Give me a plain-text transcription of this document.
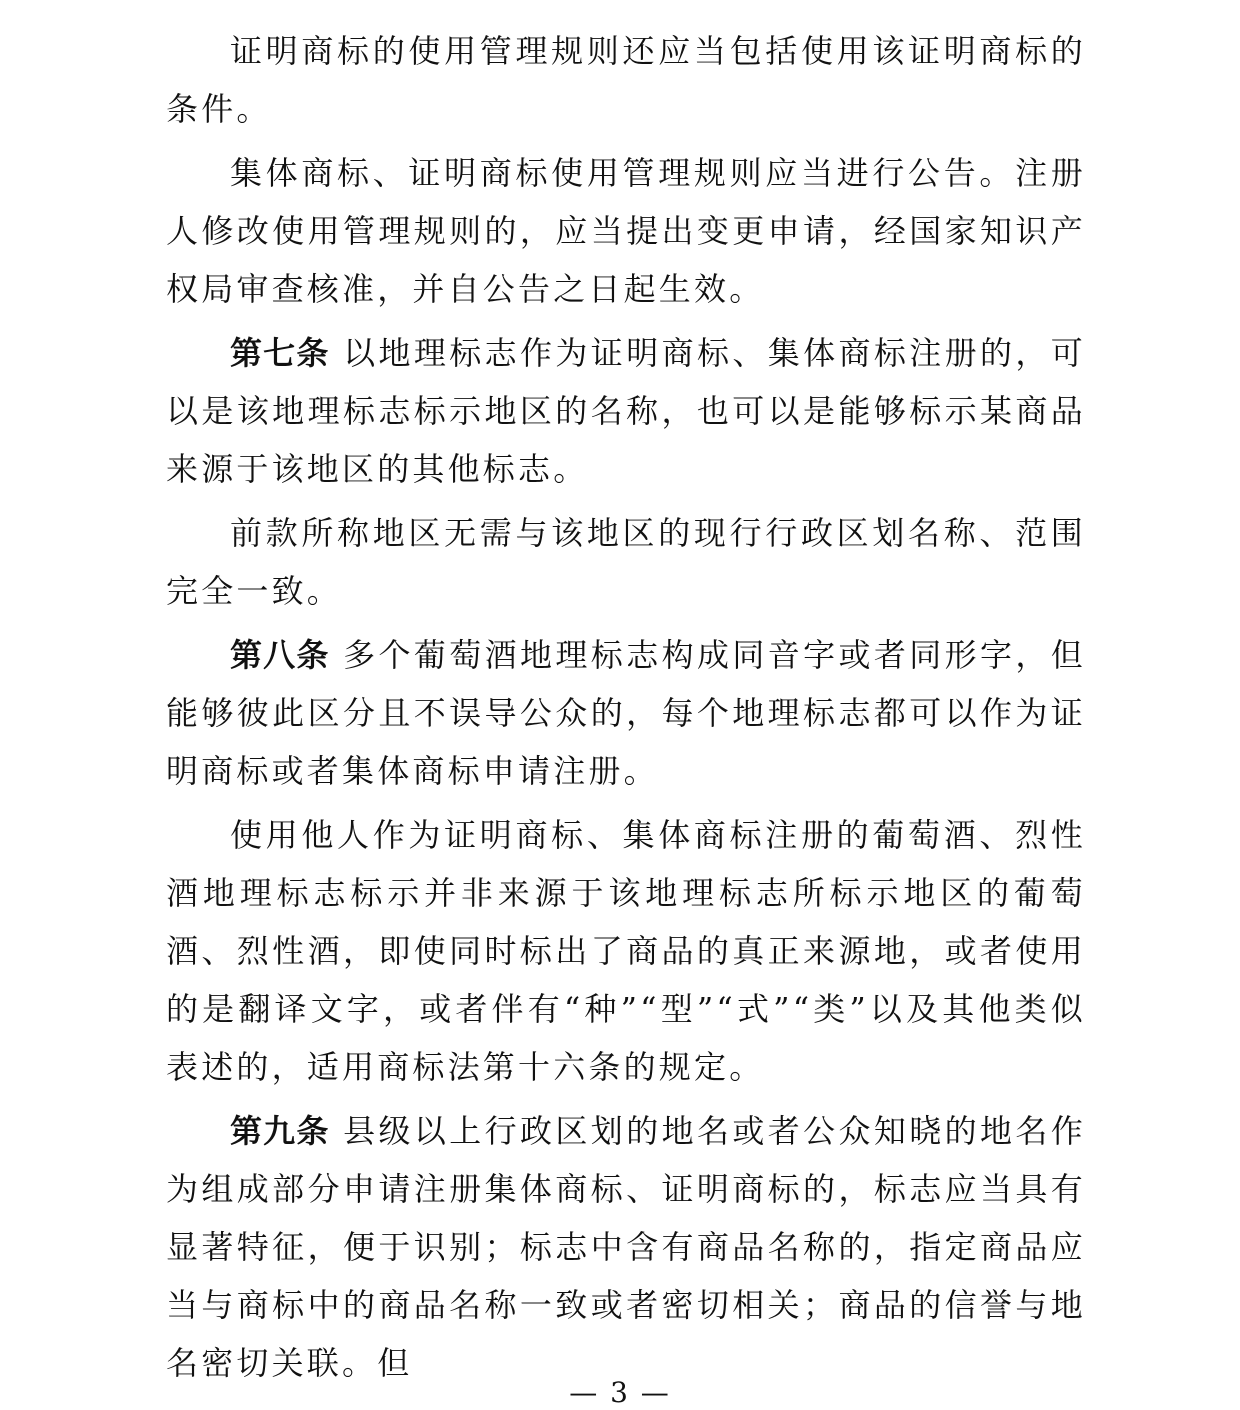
证明商标的使用管理规则还应当包括使用该证明商标的条件。

集体商标、证明商标使用管理规则应当进行公告。注册人修改使用管理规则的，应当提出变更申请，经国家知识产权局审查核准，并自公告之日起生效。

第七条 以地理标志作为证明商标、集体商标注册的，可以是该地理标志标示地区的名称，也可以是能够标示某商品来源于该地区的其他标志。

前款所称地区无需与该地区的现行行政区划名称、范围完全一致。

第八条 多个葡萄酒地理标志构成同音字或者同形字，但能够彼此区分且不误导公众的，每个地理标志都可以作为证明商标或者集体商标申请注册。

使用他人作为证明商标、集体商标注册的葡萄酒、烈性酒地理标志标示并非来源于该地理标志所标示地区的葡萄酒、烈性酒，即使同时标出了商品的真正来源地，或者使用的是翻译文字，或者伴有“种”“型”“式”“类”以及其他类似表述的，适用商标法第十六条的规定。

第九条 县级以上行政区划的地名或者公众知晓的地名作为组成部分申请注册集体商标、证明商标的，标志应当具有显著特征，便于识别；标志中含有商品名称的，指定商品应当与商标中的商品名称一致或者密切相关；商品的信誉与地名密切关联。但

— 3 —
